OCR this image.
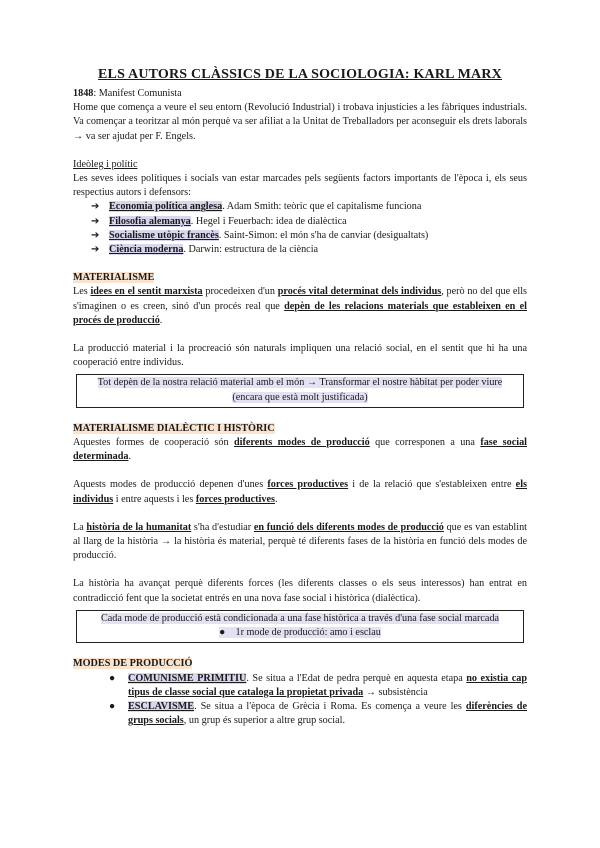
ELS AUTORS CLÀSSICS DE LA SOCIOLOGIA: KARL MARX

1848: Manifest Comunista

Home que comença a veure el seu entorn (Revolució Industrial) i trobava injustícies a les fàbriques industrials. Va començar a teoritzar al món perquè va ser afiliat a la Unitat de Treballadors per aconseguir els drets laborals → va ser ajudat per F. Engels.

Ideòleg i polític

Les seves idees polítiques i socials van estar marcades pels següents factors importants de l'època i, els seus respectius autors i defensors:

➔ Economia política anglesa. Adam Smith: teòric que el capitalisme funciona
➔ Filosofia alemanya. Hegel i Feuerbach: idea de dialèctica
➔ Socialisme utòpic francès. Saint-Simon: el món s'ha de canviar (desigualtats)
➔ Ciència moderna. Darwin: estructura de la ciència

MATERIALISME

Les idees en el sentit marxista procedeixen d'un procés vital determinat dels individus, però no del que ells s'imaginen o es creen, sinó d'un procés real que depèn de les relacions materials que estableixen en el procés de producció.

La producció material i la procreació són naturals impliquen una relació social, en el sentit que hi ha una cooperació entre individus.

Tot depèn de la nostra relació material amb el món → Transformar el nostre hàbitat per poder viure
(encara que està molt justificada)

MATERIALISME DIALÈCTIC I HISTÒRIC

Aquestes formes de cooperació són diferents modes de producció que corresponen a una fase social determinada.

Aquests modes de producció depenen d'unes forces productives i de la relació que s'estableixen entre els individus i entre aquests i les forces productives.

La història de la humanitat s'ha d'estudiar en funció dels diferents modes de producció que es van establint al llarg de la història → la història és material, perquè té diferents fases de la història en funció dels modes de producció.

La història ha avançat perquè diferents forces (les diferents classes o els seus interessos) han entrat en contradicció fent que la societat entrés en una nova fase social i històrica (dialèctica).

Cada mode de producció està condicionada a una fase històrica a través d'una fase social marcada
● 1r mode de producció: amo i esclau

MODES DE PRODUCCIÓ

● COMUNISME PRIMITIU. Se situa a l'Edat de pedra perquè en aquesta etapa no existia cap tipus de classe social que cataloga la propietat privada → subsistència
● ESCLAVISME. Se situa a l'època de Grècia i Roma. Es comença a veure les diferències de grups socials, un grup és superior a altre grup social.
